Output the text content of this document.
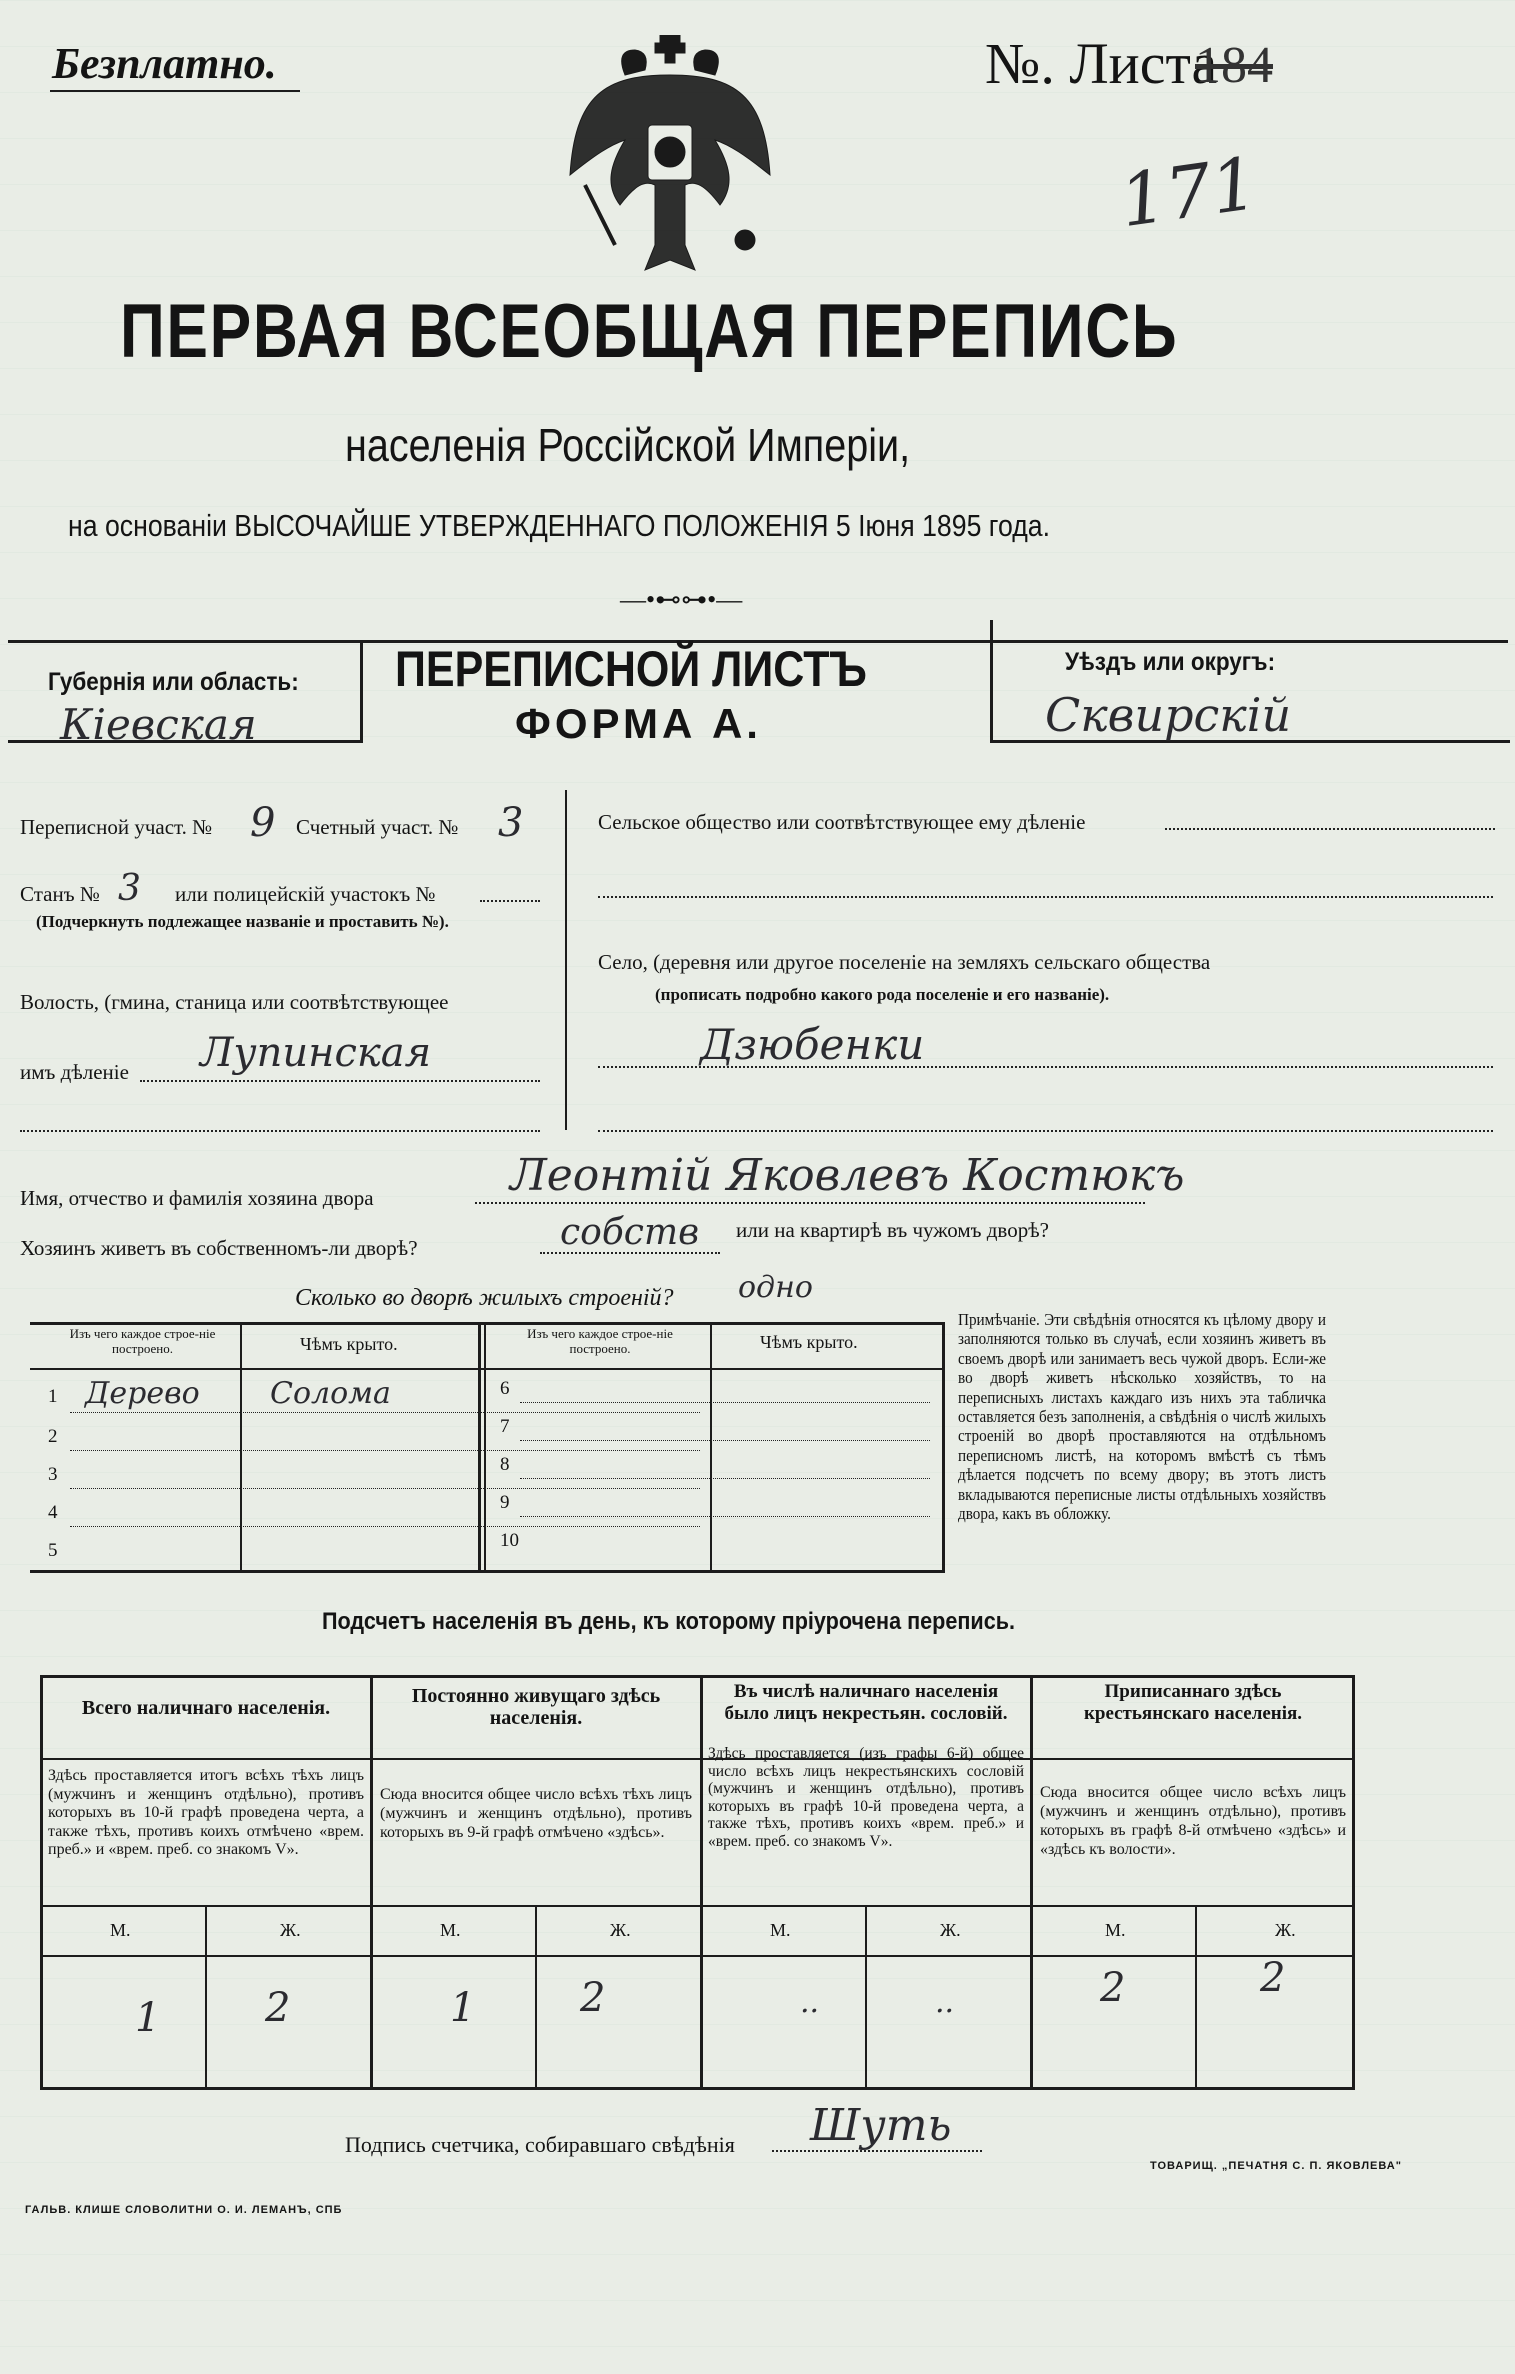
Безплатно.	№. Листа
184
171
ПЕРВАЯ ВСЕОБЩАЯ ПЕРЕПИСЬ
населенія Россійской Имперіи,
на основаніи ВЫСОЧАЙШЕ УТВЕРЖДЕННАГО ПОЛОЖЕНІЯ 5 Іюня 1895 года.
—•⊷⊶•—
Губернія или область:
Кіевская
ПЕРЕПИСНОЙ ЛИСТЪ
ФОРМА А.
Уѣздъ или округъ:
Сквирскій
Переписной участ. № 9 Счетный участ. № 3
Станъ № 3 или полицейскій участокъ №
(Подчеркнуть подлежащее названіе и проставить №).
Волость, (гмина, станица или соотвѣтствующее
имъ дѣленіе Лупинская
Сельское общество или соотвѣтствующее ему дѣленіе
Село, (деревня или другое поселеніе на земляхъ сельскаго общества
(прописать подробно какого рода поселеніе и его названіе).
Дзюбенки
Имя, отчество и фамилія хозяина двора	Леонтій Яковлевъ Костюкъ
Хозяинъ живетъ въ собственномъ-ли дворѣ?	собств или на квартирѣ въ чужомъ дворѣ?
Сколько во дворѣ жилыхъ строеній? одно
Изъ чего каждое строе-ніе построено.	Чѣмъ крыто.
Изъ чего каждое строе-ніе построено.	Чѣмъ крыто.
1 Дерево Солома
2
3
4
5
6
7
8
9
10
Примѣчаніе. Эти свѣдѣнія относятся къ цѣлому двору и заполняются только въ случаѣ, если хозяинъ живетъ въ своемъ дворѣ или занимаетъ весь чужой дворъ. Если-же во дворѣ живетъ нѣсколько хозяйствъ, то на переписныхъ листахъ каждаго изъ нихъ эта табличка оставляется безъ заполненія, а свѣдѣнія о числѣ жилыхъ строеній во дворѣ проставляются на отдѣльномъ переписномъ листѣ, на которомъ вмѣстѣ съ тѣмъ дѣлается подсчетъ по всему двору; въ этотъ листъ вкладываются переписные листы отдѣльныхъ хозяйствъ двора, какъ въ обложку.
Подсчетъ населенія въ день, къ которому пріурочена перепись.
Всего наличнаго населенія.
Постоянно живущаго здѣсь населенія.
Въ числѣ наличнаго населенія было лицъ некрестьян. сословій.
Приписаннаго здѣсь крестьянскаго населенія.
Здѣсь проставляется итогъ всѣхъ тѣхъ лицъ (мужчинъ и женщинъ отдѣльно), противъ которыхъ въ 10-й графѣ проведена черта, а также тѣхъ, противъ коихъ отмѣчено «врем. преб.» и «врем. преб. со знакомъ V».
Сюда вносится общее число всѣхъ тѣхъ лицъ (мужчинъ и женщинъ отдѣльно), противъ которыхъ въ 9-й графѣ отмѣчено «здѣсь».
Здѣсь проставляется (изъ графы 6-й) общее число всѣхъ лицъ некрестьянскихъ сословій (мужчинъ и женщинъ отдѣльно), противъ которыхъ въ графѣ 10-й проведена черта, а также тѣхъ, противъ коихъ «врем. преб.» и «врем. преб. со знакомъ V».
Сюда вносится общее число всѣхъ лицъ (мужчинъ и женщинъ отдѣльно), противъ которыхъ въ графѣ 8-й отмѣчено «здѣсь» и «здѣсь къ волости».
М.	Ж.	М.	Ж.	М.	Ж.	М.	Ж.
1	2	1	2	..	..	2	2
Подпись счетчика, собиравшаго свѣдѣнія Шуть
ГАЛЬВ. КЛИШЕ СЛОВОЛИТНИ О. И. ЛЕМАНЪ, СПБ
ТОВАРИЩ. „ПЕЧАТНЯ С. П. ЯКОВЛЕВА"
